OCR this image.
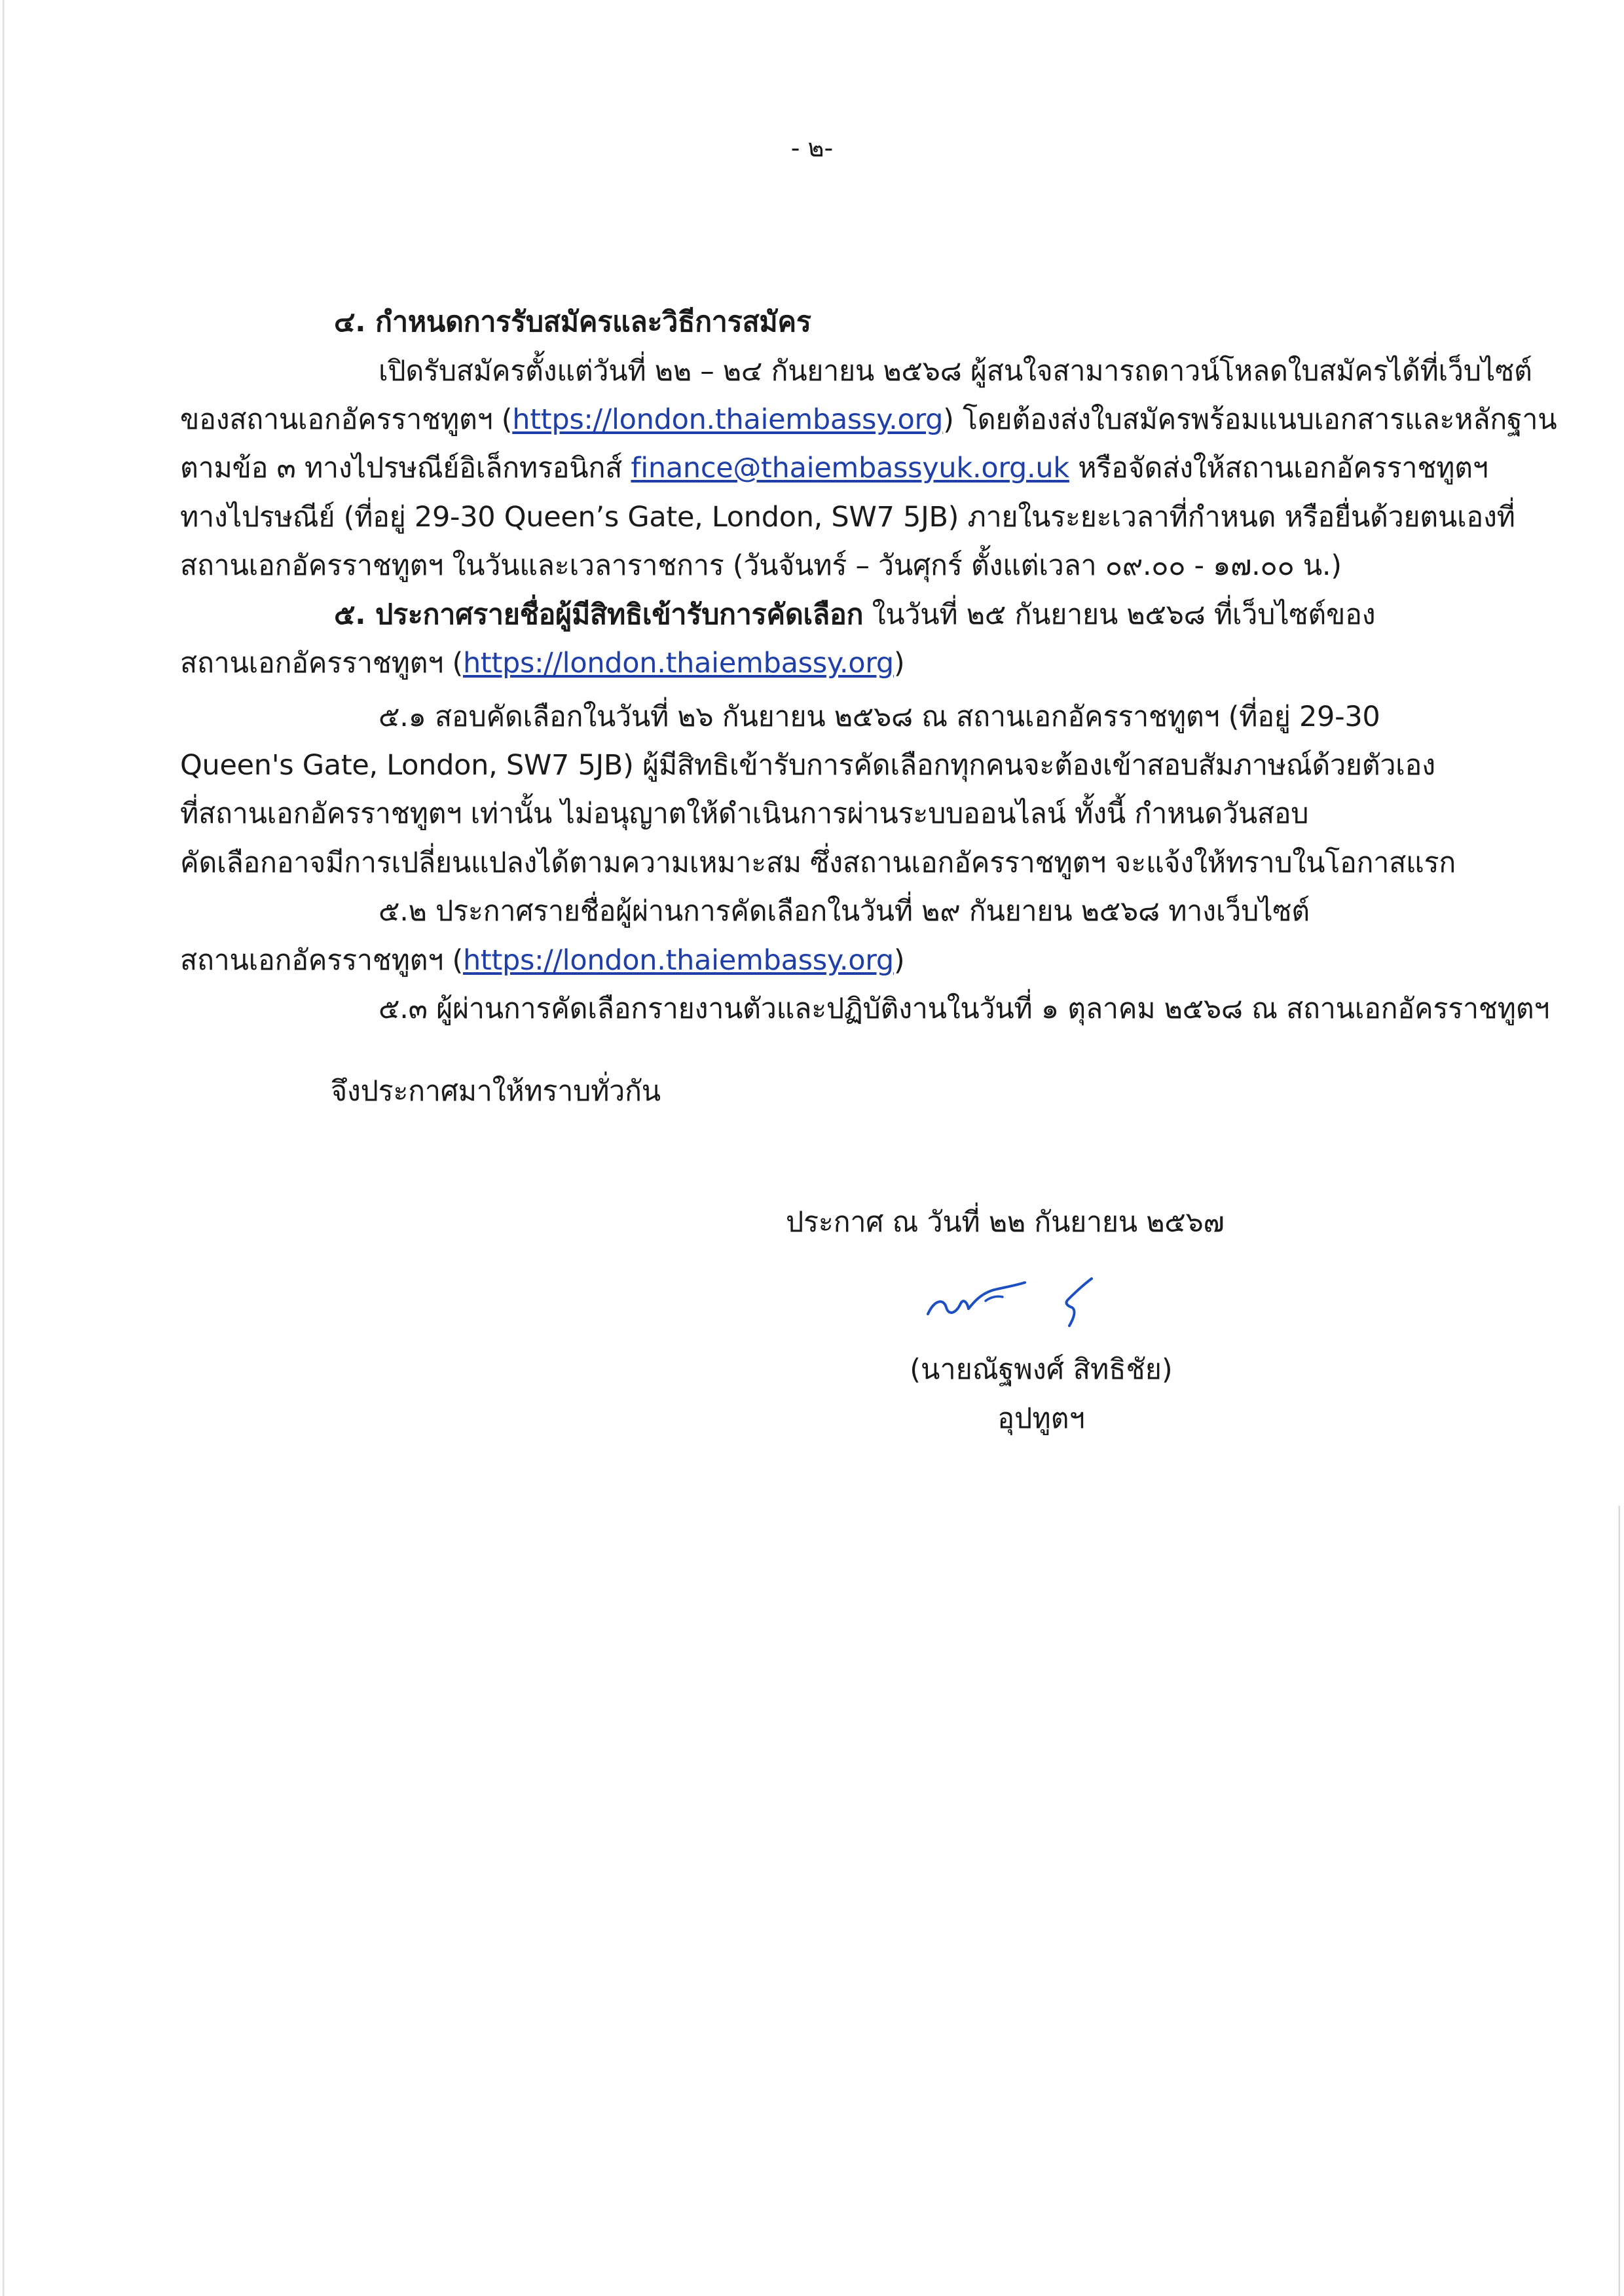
- ๒-
๔. กำหนดการรับสมัครและวิธีการสมัคร
เปิดรับสมัครตั้งแต่วันที่ ๒๒ – ๒๔ กันยายน ๒๕๖๘ ผู้สนใจสามารถดาวน์โหลดใบสมัครได้ที่เว็บไซต์
ของสถานเอกอัครราชทูตฯ (https://london.thaiembassy.org) โดยต้องส่งใบสมัครพร้อมแนบเอกสารและหลักฐาน
ตามข้อ ๓ ทางไปรษณีย์อิเล็กทรอนิกส์ finance@thaiembassyuk.org.uk หรือจัดส่งให้สถานเอกอัครราชทูตฯ
ทางไปรษณีย์ (ที่อยู่ 29-30 Queen’s Gate, London, SW7 5JB) ภายในระยะเวลาที่กำหนด หรือยื่นด้วยตนเองที่
สถานเอกอัครราชทูตฯ ในวันและเวลาราชการ (วันจันทร์ – วันศุกร์ ตั้งแต่เวลา ๐๙.๐๐ - ๑๗.๐๐ น.)
๕. ประกาศรายชื่อผู้มีสิทธิเข้ารับการคัดเลือก ในวันที่ ๒๕ กันยายน ๒๕๖๘ ที่เว็บไซต์ของ
สถานเอกอัครราชทูตฯ (https://london.thaiembassy.org)
๕.๑ สอบคัดเลือกในวันที่ ๒๖ กันยายน ๒๕๖๘ ณ สถานเอกอัครราชทูตฯ (ที่อยู่ 29-30
Queen's Gate, London, SW7 5JB) ผู้มีสิทธิเข้ารับการคัดเลือกทุกคนจะต้องเข้าสอบสัมภาษณ์ด้วยตัวเอง
ที่สถานเอกอัครราชทูตฯ เท่านั้น ไม่อนุญาตให้ดำเนินการผ่านระบบออนไลน์ ทั้งนี้ กำหนดวันสอบ
คัดเลือกอาจมีการเปลี่ยนแปลงได้ตามความเหมาะสม ซึ่งสถานเอกอัครราชทูตฯ จะแจ้งให้ทราบในโอกาสแรก
๕.๒ ประกาศรายชื่อผู้ผ่านการคัดเลือกในวันที่ ๒๙ กันยายน ๒๕๖๘ ทางเว็บไซต์
สถานเอกอัครราชทูตฯ (https://london.thaiembassy.org)
๕.๓ ผู้ผ่านการคัดเลือกรายงานตัวและปฏิบัติงานในวันที่ ๑ ตุลาคม ๒๕๖๘ ณ สถานเอกอัครราชทูตฯ
จึงประกาศมาให้ทราบทั่วกัน
ประกาศ ณ วันที่ ๒๒ กันยายน ๒๕๖๗
(นายณัฐพงศ์ สิทธิชัย)
อุปทูตฯ
